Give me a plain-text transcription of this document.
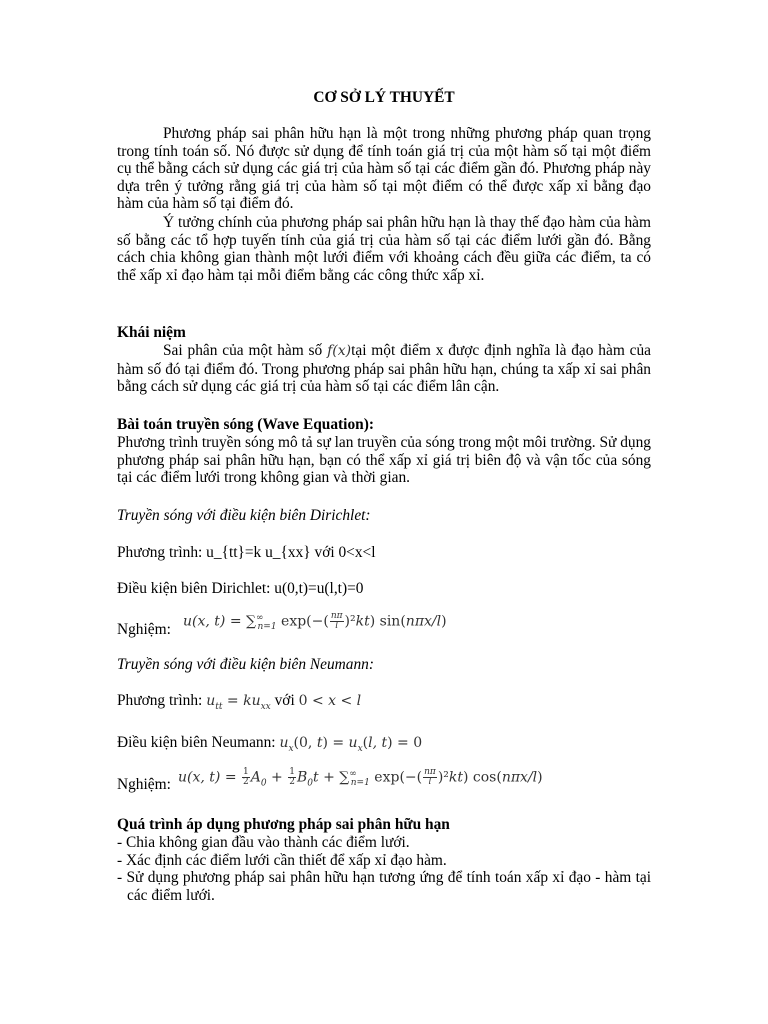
CƠ SỞ LÝ THUYẾT
Phương pháp sai phân hữu hạn là một trong những phương pháp quan trọng trong tính toán số. Nó được sử dụng để tính toán giá trị của một hàm số tại một điểm cụ thể bằng cách sử dụng các giá trị của hàm số tại các điểm gần đó. Phương pháp này dựa trên ý tưởng rằng giá trị của hàm số tại một điểm có thể được xấp xỉ bằng đạo hàm của hàm số tại điểm đó.
Ý tưởng chính của phương pháp sai phân hữu hạn là thay thế đạo hàm của hàm số bằng các tổ hợp tuyến tính của giá trị của hàm số tại các điểm lưới gần đó. Bằng cách chia không gian thành một lưới điểm với khoảng cách đều giữa các điểm, ta có thể xấp xỉ đạo hàm tại mỗi điểm bằng các công thức xấp xỉ.
Khái niệm
Sai phân của một hàm số f(x)tại một điểm x được định nghĩa là đạo hàm của hàm số đó tại điểm đó. Trong phương pháp sai phân hữu hạn, chúng ta xấp xỉ sai phân bằng cách sử dụng các giá trị của hàm số tại các điểm lân cận.
Bài toán truyền sóng (Wave Equation):
Phương trình truyền sóng mô tả sự lan truyền của sóng trong một môi trường. Sử dụng phương pháp sai phân hữu hạn, bạn có thể xấp xỉ giá trị biên độ và vận tốc của sóng tại các điểm lưới trong không gian và thời gian.
Truyền sóng với điều kiện biên Dirichlet:
Phương trình: u_{tt}=k u_{xx} với 0<x<l
Điều kiện biên Dirichlet: u(0,t)=u(l,t)=0
Nghiệm: u(x, $t) = \sum^\infty_{n=1}$ $\exp(-( \frac{n\pi}{l} )^2kt)$ sin(nπx/l)
Truyền sóng với điều kiện biên Neumann:
Phương trình: $u_{tt} = ku_{xx}$ với 0 < x < l
Điều kiện biên Neumann: $u_x(0$, $t) = u_x(l$, t) = 0
Nghiệm: u(x, $t) = \frac{1}{2} A_0 + \frac{1}{2} B_0t + \sum^\infty_{n=1}$ $\exp(-( \frac{n\pi}{l} )^2kt)$ cos(nπx/l)
Quá trình áp dụng phương pháp sai phân hữu hạn
- Chia không gian đầu vào thành các điểm lưới.
- Xác định các điểm lưới cần thiết để xấp xỉ đạo hàm.
- Sử dụng phương pháp sai phân hữu hạn tương ứng để tính toán xấp xỉ đạo - hàm tại các điểm lưới.
